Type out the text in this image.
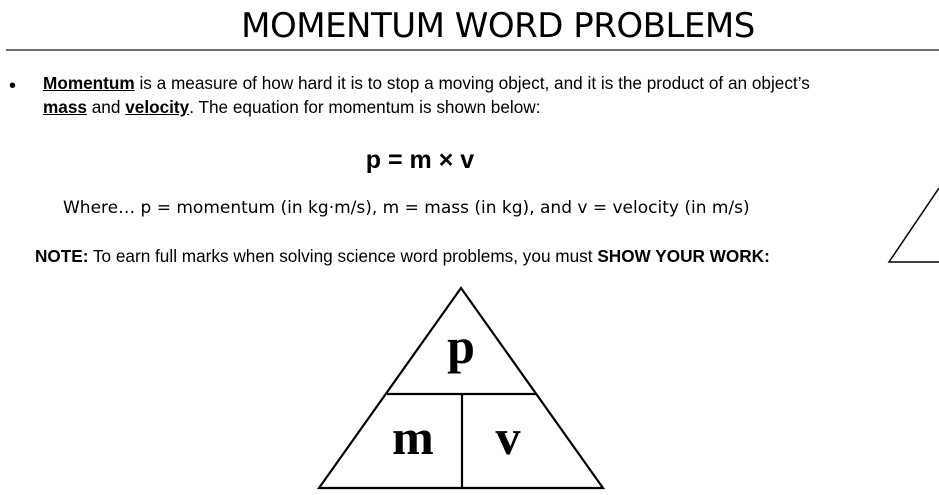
MOMENTUM WORD PROBLEMS
• Momentum is a measure of how hard it is to stop a moving object, and it is the product of an object’s
mass and velocity. The equation for momentum is shown below:
p = m × v
Where… p = momentum (in kg·m/s), m = mass (in kg), and v = velocity (in m/s)
NOTE: To earn full marks when solving science word problems, you must SHOW YOUR WORK:
p
m v
